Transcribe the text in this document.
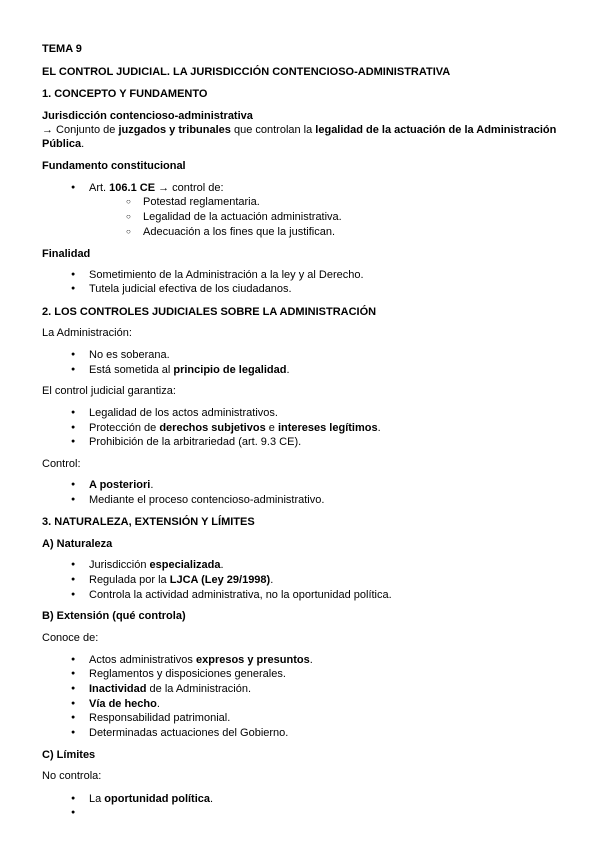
TEMA 9
EL CONTROL JUDICIAL. LA JURISDICCIÓN CONTENCIOSO-ADMINISTRATIVA
1. CONCEPTO Y FUNDAMENTO
Jurisdicción contencioso-administrativa
→ Conjunto de juzgados y tribunales que controlan la legalidad de la actuación de la Administración Pública.
Fundamento constitucional
● Art. 106.1 CE → control de:
○ Potestad reglamentaria.
○ Legalidad de la actuación administrativa.
○ Adecuación a los fines que la justifican.
Finalidad
● Sometimiento de la Administración a la ley y al Derecho.
● Tutela judicial efectiva de los ciudadanos.
2. LOS CONTROLES JUDICIALES SOBRE LA ADMINISTRACIÓN
La Administración:
● No es soberana.
● Está sometida al principio de legalidad.
El control judicial garantiza:
● Legalidad de los actos administrativos.
● Protección de derechos subjetivos e intereses legítimos.
● Prohibición de la arbitrariedad (art. 9.3 CE).
Control:
● A posteriori.
● Mediante el proceso contencioso-administrativo.
3. NATURALEZA, EXTENSIÓN Y LÍMITES
A) Naturaleza
● Jurisdicción especializada.
● Regulada por la LJCA (Ley 29/1998).
● Controla la actividad administrativa, no la oportunidad política.
B) Extensión (qué controla)
Conoce de:
● Actos administrativos expresos y presuntos.
● Reglamentos y disposiciones generales.
● Inactividad de la Administración.
● Vía de hecho.
● Responsabilidad patrimonial.
● Determinadas actuaciones del Gobierno.
C) Límites
No controla:
● La oportunidad política.
